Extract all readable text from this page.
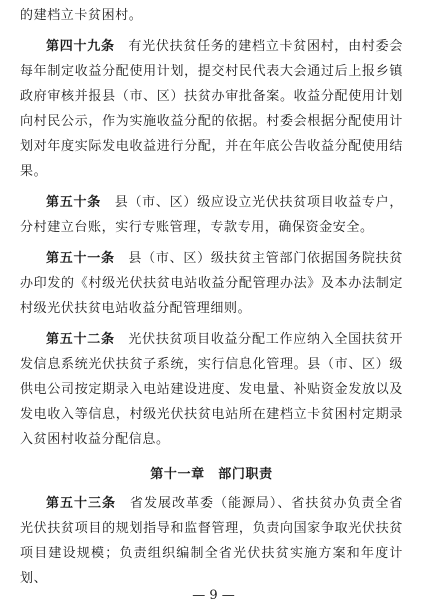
的建档立卡贫困村。

第四十九条　 有光伏扶贫任务的建档立卡贫困村，由村委会每年制定收益分配使用计划，提交村民代表大会通过后上报乡镇政府审核并报县（市、区）扶贫办审批备案。收益分配使用计划向村民公示，作为实施收益分配的依据。村委会根据分配使用计划对年度实际发电收益进行分配，并在年底公告收益分配使用结果。

第五十条　 县（市、区）级应设立光伏扶贫项目收益专户，分村建立台账，实行专账管理，专款专用，确保资金安全。

第五十一条　 县（市、区）级扶贫主管部门依据国务院扶贫办印发的《村级光伏扶贫电站收益分配管理办法》及本办法制定村级光伏扶贫电站收益分配管理细则。

第五十二条　 光伏扶贫项目收益分配工作应纳入全国扶贫开发信息系统光伏扶贫子系统，实行信息化管理。县（市、区）级供电公司按定期录入电站建设进度、发电量、补贴资金发放以及发电收入等信息，村级光伏扶贫电站所在建档立卡贫困村定期录入贫困村收益分配信息。

第十一章　部门职责

第五十三条　 省发展改革委（能源局）、省扶贫办负责全省光伏扶贫项目的规划指导和监督管理，负责向国家争取光伏扶贫项目建设规模；负责组织编制全省光伏扶贫实施方案和年度计划、

— 9 —
